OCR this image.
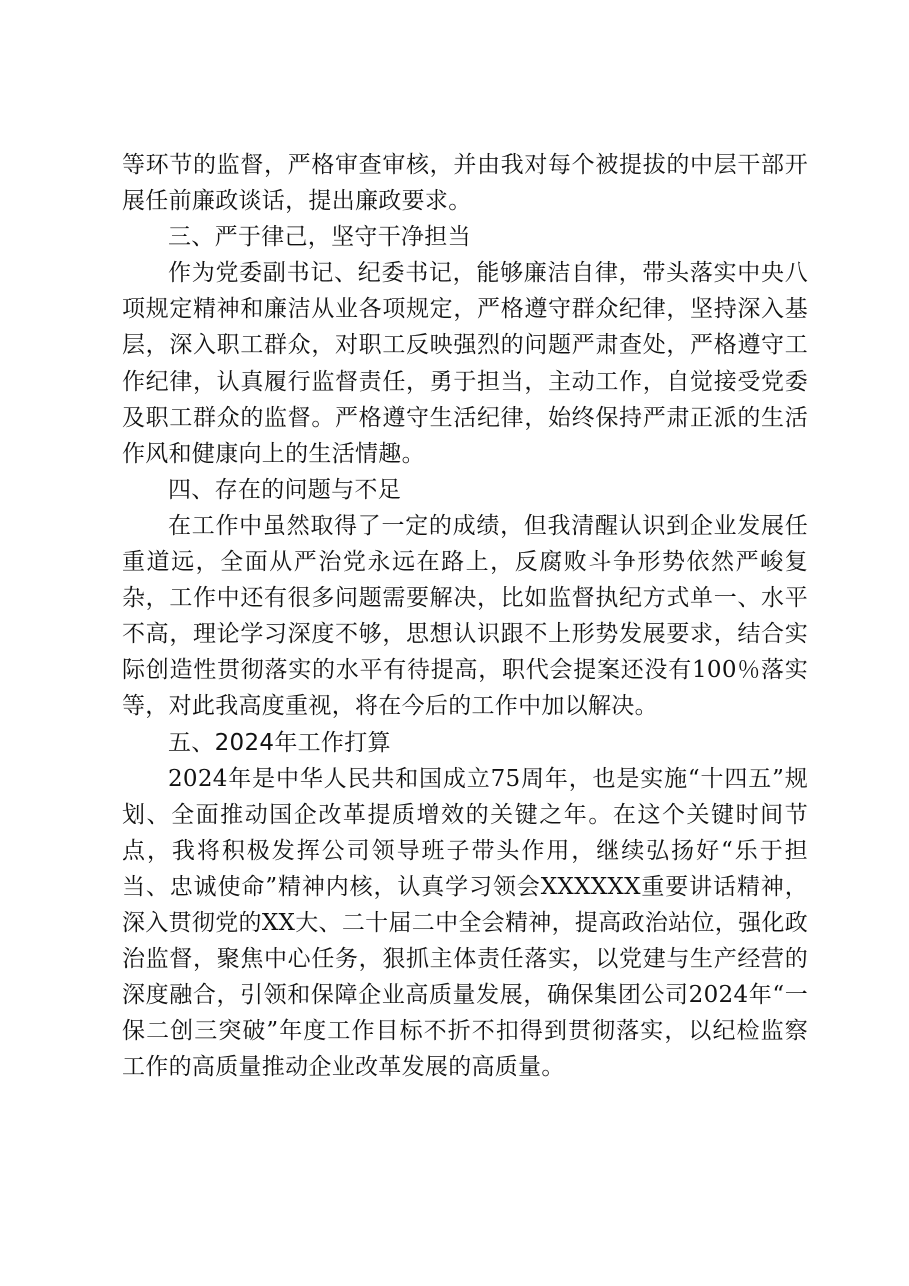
等环节的监督，严格审查审核，并由我对每个被提拔的中层干部开展任前廉政谈话，提出廉政要求。

三、严于律己，坚守干净担当

作为党委副书记、纪委书记，能够廉洁自律，带头落实中央八项规定精神和廉洁从业各项规定，严格遵守群众纪律，坚持深入基层，深入职工群众，对职工反映强烈的问题严肃查处，严格遵守工作纪律，认真履行监督责任，勇于担当，主动工作，自觉接受党委及职工群众的监督。严格遵守生活纪律，始终保持严肃正派的生活作风和健康向上的生活情趣。

四、存在的问题与不足

在工作中虽然取得了一定的成绩，但我清醒认识到企业发展任重道远，全面从严治党永远在路上，反腐败斗争形势依然严峻复杂，工作中还有很多问题需要解决，比如监督执纪方式单一、水平不高，理论学习深度不够，思想认识跟不上形势发展要求，结合实际创造性贯彻落实的水平有待提高，职代会提案还没有100％落实等，对此我高度重视，将在今后的工作中加以解决。

五、2024年工作打算

2024年是中华人民共和国成立75周年，也是实施“十四五”规划、全面推动国企改革提质增效的关键之年。在这个关键时间节点，我将积极发挥公司领导班子带头作用，继续弘扬好“乐于担当、忠诚使命”精神内核，认真学习领会XXXXXX重要讲话精神，深入贯彻党的XX大、二十届二中全会精神，提高政治站位，强化政治监督，聚焦中心任务，狠抓主体责任落实，以党建与生产经营的深度融合，引领和保障企业高质量发展，确保集团公司2024年“一保二创三突破”年度工作目标不折不扣得到贯彻落实，以纪检监察工作的高质量推动企业改革发展的高质量。
